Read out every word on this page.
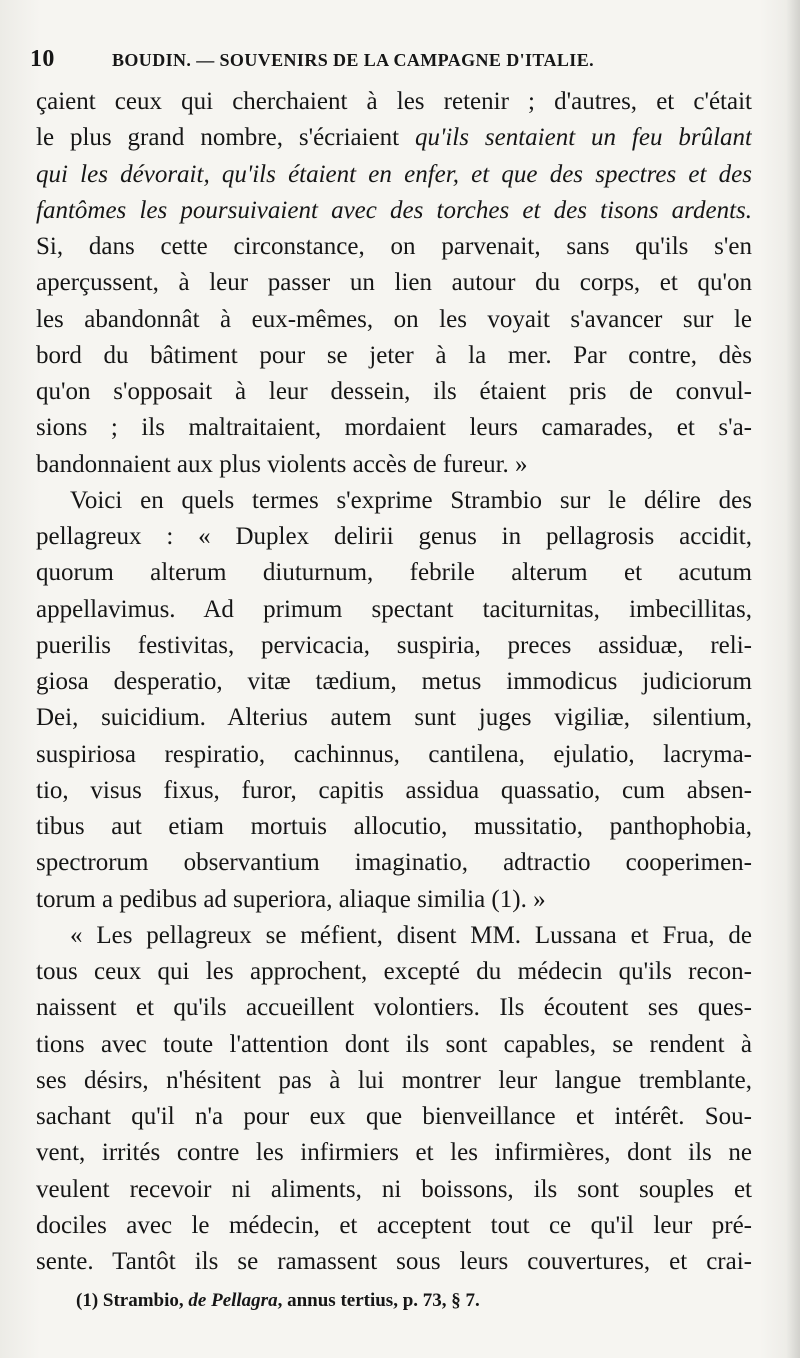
10	BOUDIN. — SOUVENIRS DE LA CAMPAGNE D'ITALIE.
çaient ceux qui cherchaient à les retenir ; d'autres, et c'était
le plus grand nombre, s'écriaient qu'ils sentaient un feu brûlant
qui les dévorait, qu'ils étaient en enfer, et que des spectres et des
fantômes les poursuivaient avec des torches et des tisons ardents.
Si, dans cette circonstance, on parvenait, sans qu'ils s'en
aperçussent, à leur passer un lien autour du corps, et qu'on
les abandonnât à eux-mêmes, on les voyait s'avancer sur le
bord du bâtiment pour se jeter à la mer. Par contre, dès
qu'on s'opposait à leur dessein, ils étaient pris de convul-
sions ; ils maltraitaient, mordaient leurs camarades, et s'a-
bandonnaient aux plus violents accès de fureur. »
Voici en quels termes s'exprime Strambio sur le délire des
pellagreux : « Duplex delirii genus in pellagrosis accidit,
quorum alterum diuturnum, febrile alterum et acutum
appellavimus. Ad primum spectant taciturnitas, imbecillitas,
puerilis festivitas, pervicacia, suspiria, preces assiduæ, reli-
giosa desperatio, vitæ tædium, metus immodicus judiciorum
Dei, suicidium. Alterius autem sunt juges vigiliæ, silentium,
suspiriosa respiratio, cachinnus, cantilena, ejulatio, lacryma-
tio, visus fixus, furor, capitis assidua quassatio, cum absen-
tibus aut etiam mortuis allocutio, mussitatio, panthophobia,
spectrorum observantium imaginatio, adtractio cooperimen-
torum a pedibus ad superiora, aliaque similia (1). »
« Les pellagreux se méfient, disent MM. Lussana et Frua, de
tous ceux qui les approchent, excepté du médecin qu'ils recon-
naissent et qu'ils accueillent volontiers. Ils écoutent ses ques-
tions avec toute l'attention dont ils sont capables, se rendent à
ses désirs, n'hésitent pas à lui montrer leur langue tremblante,
sachant qu'il n'a pour eux que bienveillance et intérêt. Sou-
vent, irrités contre les infirmiers et les infirmières, dont ils ne
veulent recevoir ni aliments, ni boissons, ils sont souples et
dociles avec le médecin, et acceptent tout ce qu'il leur pré-
sente. Tantôt ils se ramassent sous leurs couvertures, et crai-
(1) Strambio, de Pellagra, annus tertius, p. 73, § 7.
